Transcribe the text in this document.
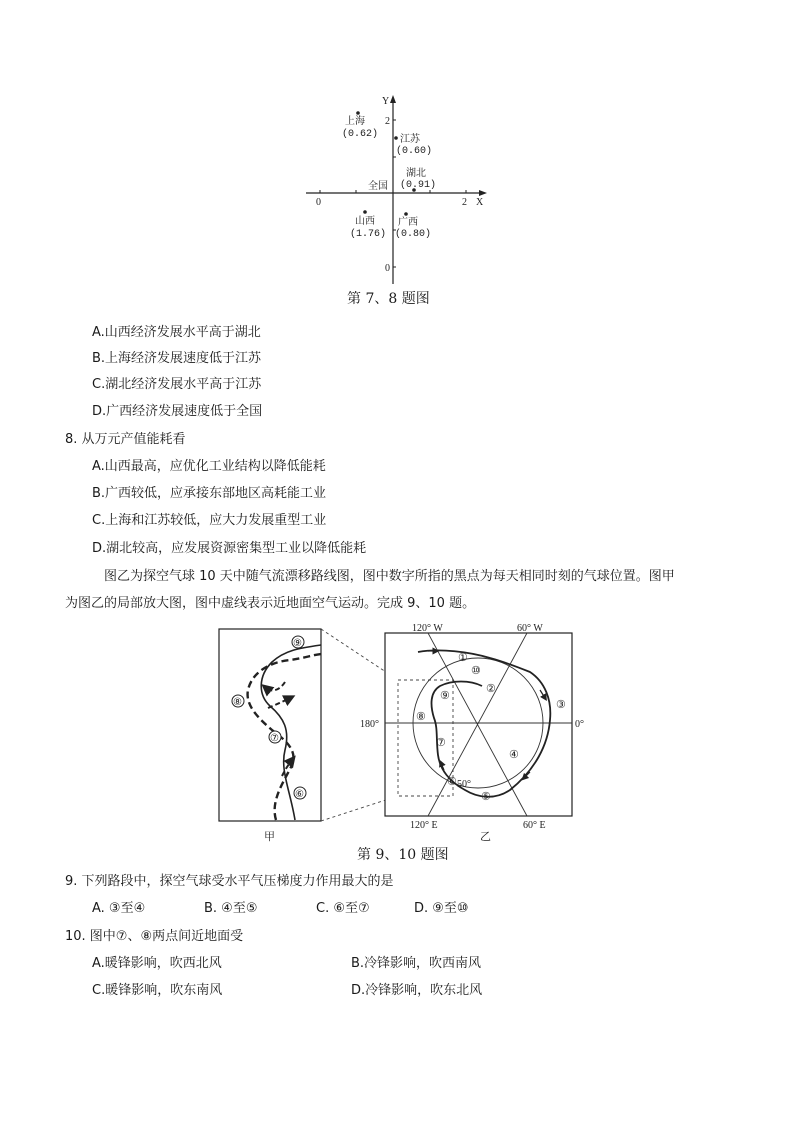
Y
X
0	2
2
0
上海
(0.62) 江苏
(0.60)
湖北
(0.91)
全国
山西
(1.76)
广西
(0.80)
第 7、8 题图
A.山西经济发展水平高于湖北
B.上海经济发展速度低于江苏
C.湖北经济发展水平高于江苏
D.广西经济发展速度低于全国
8. 从万元产值能耗看
A.山西最高，应优化工业结构以降低能耗
B.广西较低，应承接东部地区高耗能工业
C.上海和江苏较低，应大力发展重型工业
D.湖北较高，应发展资源密集型工业以降低能耗
图乙为探空气球 10 天中随气流漂移路线图，图中数字所指的黑点为每天相同时刻的气球位置。图甲
为图乙的局部放大图，图中虚线表示近地面空气运动。完成 9、10 题。
⑨
⑧
⑦
⑥
甲
①
⑩
②
③
④
⑤
⑥
⑦
⑧
⑨
120° W	60° W
180°	0°
120° E	60° E
50°
乙
第 9、10 题图
9. 下列路段中，探空气球受水平气压梯度力作用最大的是
A. ③至④	B. ④至⑤	C. ⑥至⑦	D. ⑨至⑩
10. 图中⑦、⑧两点间近地面受
A.暖锋影响，吹西北风	B.冷锋影响，吹西南风
C.暖锋影响，吹东南风	D.冷锋影响，吹东北风
